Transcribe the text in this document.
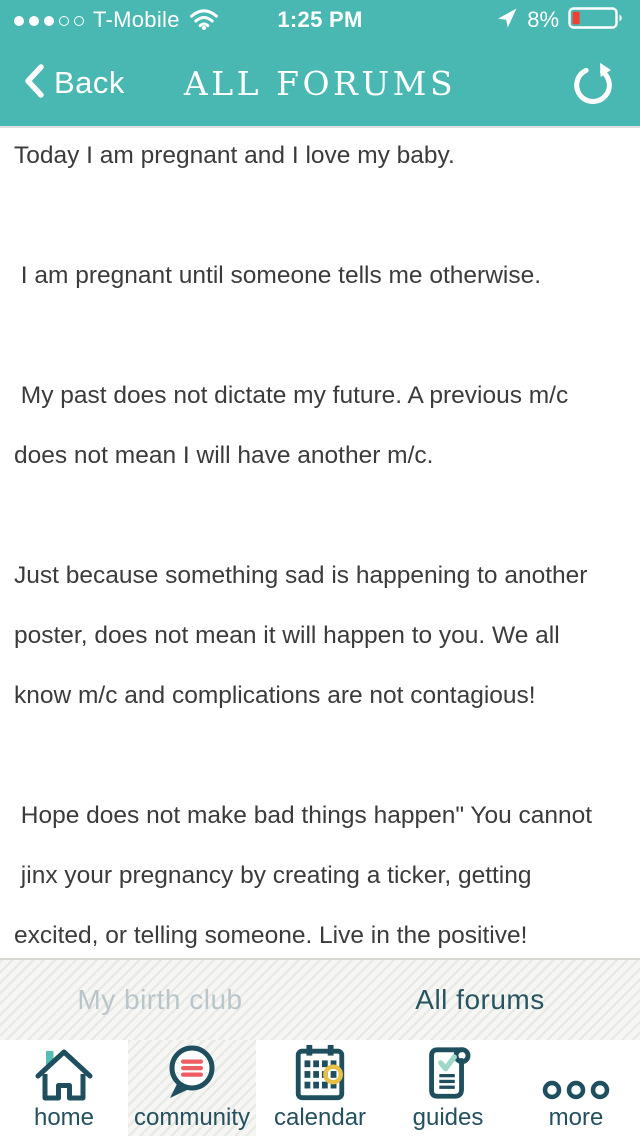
T-Mobile	1:25 PM	8%
Back	ALL FORUMS
Today I am pregnant and I love my baby.
I am pregnant until someone tells me otherwise.
My past does not dictate my future. A previous m/c
does not mean I will have another m/c.
Just because something sad is happening to another
poster, does not mean it will happen to you. We all
know m/c and complications are not contagious!
Hope does not make bad things happen" You cannot
jinx your pregnancy by creating a ticker, getting
excited, or telling someone. Live in the positive!
My birth club	All forums
home community calendar guides	more
